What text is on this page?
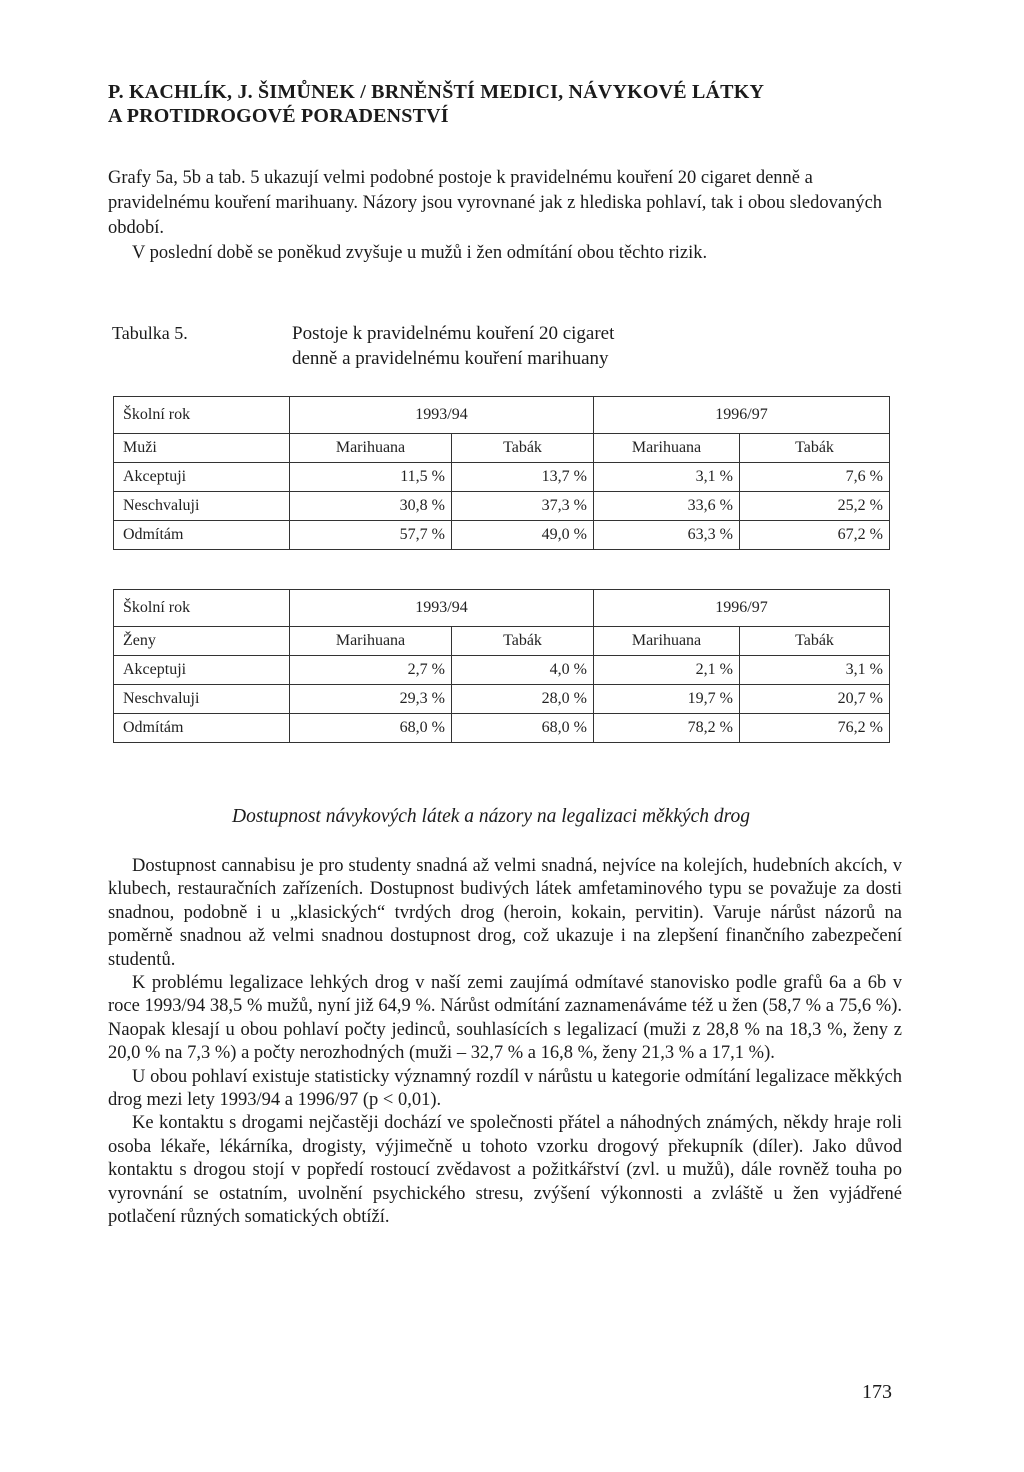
P. KACHLÍK, J. ŠIMŮNEK / BRNĚNŠTÍ MEDICI, NÁVYKOVÉ LÁTKY
A PROTIDROGOVÉ PORADENSTVÍ

Grafy 5a, 5b a tab. 5 ukazují velmi podobné postoje k pravidelnému kouření 20 cigaret denně a pravidelnému kouření marihuany. Názory jsou vyrovnané jak z hlediska pohlaví, tak i obou sledovaných období.

V poslední době se poněkud zvyšuje u mužů i žen odmítání obou těchto rizik.

Tabulka 5.	Postoje k pravidelnému kouření 20 cigaret
denně a pravidelnému kouření marihuany
Školní rok	1993/94		1996/97	
Muži	Marihuana	Tabák	Marihuana	Tabák
Akceptuji	11,5 %	13,7 %	3,1 %	7,6 %
Neschvaluji	30,8 %	37,3 %	33,6 %	25,2 %
Odmítám	57,7 %	49,0 %	63,3 %	67,2 %
Školní rok	1993/94		1996/97	
Ženy	Marihuana	Tabák	Marihuana	Tabák
Akceptuji	2,7 %	4,0 %	2,1 %	3,1 %
Neschvaluji	29,3 %	28,0 %	19,7 %	20,7 %
Odmítám	68,0 %	68,0 %	78,2 %	76,2 %
Dostupnost návykových látek a názory na legalizaci měkkých drog

Dostupnost cannabisu je pro studenty snadná až velmi snadná, nejvíce na kolejích, hudebních akcích, v klubech, restauračních zařízeních. Dostupnost budivých látek amfetaminového typu se považuje za dosti snadnou, podobně i u „klasických“ tvrdých drog (heroin, kokain, pervitin). Varuje nárůst názorů na poměrně snadnou až velmi snadnou dostupnost drog, což ukazuje i na zlepšení finančního zabezpečení studentů.

K problému legalizace lehkých drog v naší zemi zaujímá odmítavé stanovisko podle grafů 6a a 6b v roce 1993/94 38,5 % mužů, nyní již 64,9 %. Nárůst odmítání zaznamenáváme též u žen (58,7 % a 75,6 %). Naopak klesají u obou pohlaví počty jedinců, souhlasících s legalizací (muži z 28,8 % na 18,3 %, ženy z 20,0 % na 7,3 %) a počty nerozhodných (muži – 32,7 % a 16,8 %, ženy 21,3 % a 17,1 %).

U obou pohlaví existuje statisticky významný rozdíl v nárůstu u kategorie odmítání legalizace měkkých drog mezi lety 1993/94 a 1996/97 (p < 0,01).

Ke kontaktu s drogami nejčastěji dochází ve společnosti přátel a náhodných známých, někdy hraje roli osoba lékaře, lékárníka, drogisty, výjimečně u tohoto vzorku drogový překupník (díler). Jako důvod kontaktu s drogou stojí v popředí rostoucí zvědavost a požitkářství (zvl. u mužů), dále rovněž touha po vyrovnání se ostatním, uvolnění psychického stresu, zvýšení výkonnosti a zvláště u žen vyjádřené potlačení různých somatických obtíží.

173
